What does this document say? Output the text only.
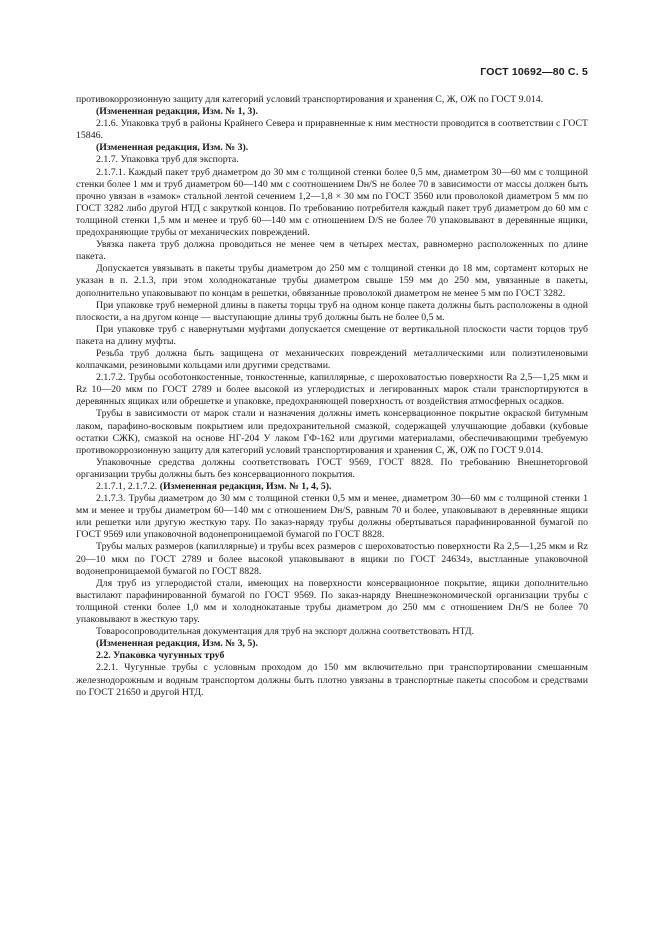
ГОСТ 10692—80 С. 5

противокоррозионную защиту для категорий условий транспортирования и хранения С, Ж, ОЖ по ГОСТ 9.014.

(Измененная редакция, Изм. № 1, 3).

2.1.6. Упаковка труб в районы Крайнего Севера и приравненные к ним местности проводится в соответствии с ГОСТ 15846.

(Измененная редакция, Изм. № 3).

2.1.7. Упаковка труб для экспорта.

2.1.7.1. Каждый пакет труб диаметром до 30 мм с толщиной стенки более 0,5 мм, диаметром 30—60 мм с толщиной стенки более 1 мм и труб диаметром 60—140 мм с соотношением Dн/S не более 70 в зависимости от массы должен быть прочно увязан в «замок» стальной лентой сечением 1,2—1,8 × 30 мм по ГОСТ 3560 или проволокой диаметром 5 мм по ГОСТ 3282 либо другой НТД с закруткой концов. По требованию потребителя каждый пакет труб диаметром до 60 мм с толщиной стенки 1,5 мм и менее и труб 60—140 мм с отношением D/S не более 70 упаковывают в деревянные ящики, предохраняющие трубы от механических повреждений.

Увязка пакета труб должна проводиться не менее чем в четырех местах, равномерно расположенных по длине пакета.

Допускается увязывать в пакеты трубы диаметром до 250 мм с толщиной стенки до 18 мм, сортамент которых не указан в п. 2.1.3, при этом холоднокатаные трубы диаметром свыше 159 мм до 250 мм, увязанные в пакеты, дополнительно упаковывают по концам в решетки, обвязанные проволокой диаметром не менее 5 мм по ГОСТ 3282.

При упаковке труб немерной длины в пакеты торцы труб на одном конце пакета должны быть расположены в одной плоскости, а на другом конце — выступающие длины труб должны быть не более 0,5 м.

При упаковке труб с навернутыми муфтами допускается смещение от вертикальной плоскости части торцов труб пакета на длину муфты.

Резьба труб должна быть защищена от механических повреждений металлическими или полиэтиленовыми колпачками, резиновыми кольцами или другими средствами.

2.1.7.2. Трубы особотонкостенные, тонкостенные, капиллярные, с шероховатостью поверхности Ra 2,5—1,25 мкм и Rz 10—20 мкм по ГОСТ 2789 и более высокой из углеродистых и легированных марок стали транспортируются в деревянных ящиках или обрешетке и упаковке, предохраняющей поверхность от воздействия атмосферных осадков.

Трубы в зависимости от марок стали и назначения должны иметь консервационное покрытие окраской битумным лаком, парафино-восковым покрытием или предохранительной смазкой, содержащей улучшающие добавки (кубовые остатки СЖК), смазкой на основе НГ-204 У лаком ГФ-162 или другими материалами, обеспечивающими требуемую противокоррозионную защиту для категорий условий транспортирования и хранения С, Ж, ОЖ по ГОСТ 9.014.

Упаковочные средства должны соответствовать ГОСТ 9569, ГОСТ 8828. По требованию Внешнеторговой организации трубы должны быть без консервационного покрытия.

2.1.7.1, 2.1.7.2. (Измененная редакция, Изм. № 1, 4, 5).

2.1.7.3. Трубы диаметром до 30 мм с толщиной стенки 0,5 мм и менее, диаметром 30—60 мм с толщиной стенки 1 мм и менее и трубы диаметром 60—140 мм с отношением Dн/S, равным 70 и более, упаковывают в деревянные ящики или решетки или другую жесткую тару. По заказ-наряду трубы должны обертываться парафинированной бумагой по ГОСТ 9569 или упаковочной водонепроницаемой бумагой по ГОСТ 8828.

Трубы малых размеров (капиллярные) и трубы всех размеров с шероховатостью поверхности Ra 2,5—1,25 мкм и Rz 20—10 мкм по ГОСТ 2789 и более высокой упаковывают в ящики по ГОСТ 24634э, выстланные упаковочной водонепроницаемой бумагой по ГОСТ 8828.

Для труб из углеродистой стали, имеющих на поверхности консервационное покрытие, ящики дополнительно выстилают парафинированной бумагой по ГОСТ 9569. По заказ-наряду Внешнеэкономической организации трубы с толщиной стенки более 1,0 мм и холоднокатаные трубы диаметром до 250 мм с отношением Dн/S не более 70 упаковывают в жесткую тару.

Товаросопроводительная документация для труб на экспорт должна соответствовать НТД.

(Измененная редакция, Изм. № 3, 5).

2.2. Упаковка чугунных труб

2.2.1. Чугунные трубы с условным проходом до 150 мм включительно при транспортировании смешанным железнодорожным и водным транспортом должны быть плотно увязаны в транспортные пакеты способом и средствами по ГОСТ 21650 и другой НТД.
